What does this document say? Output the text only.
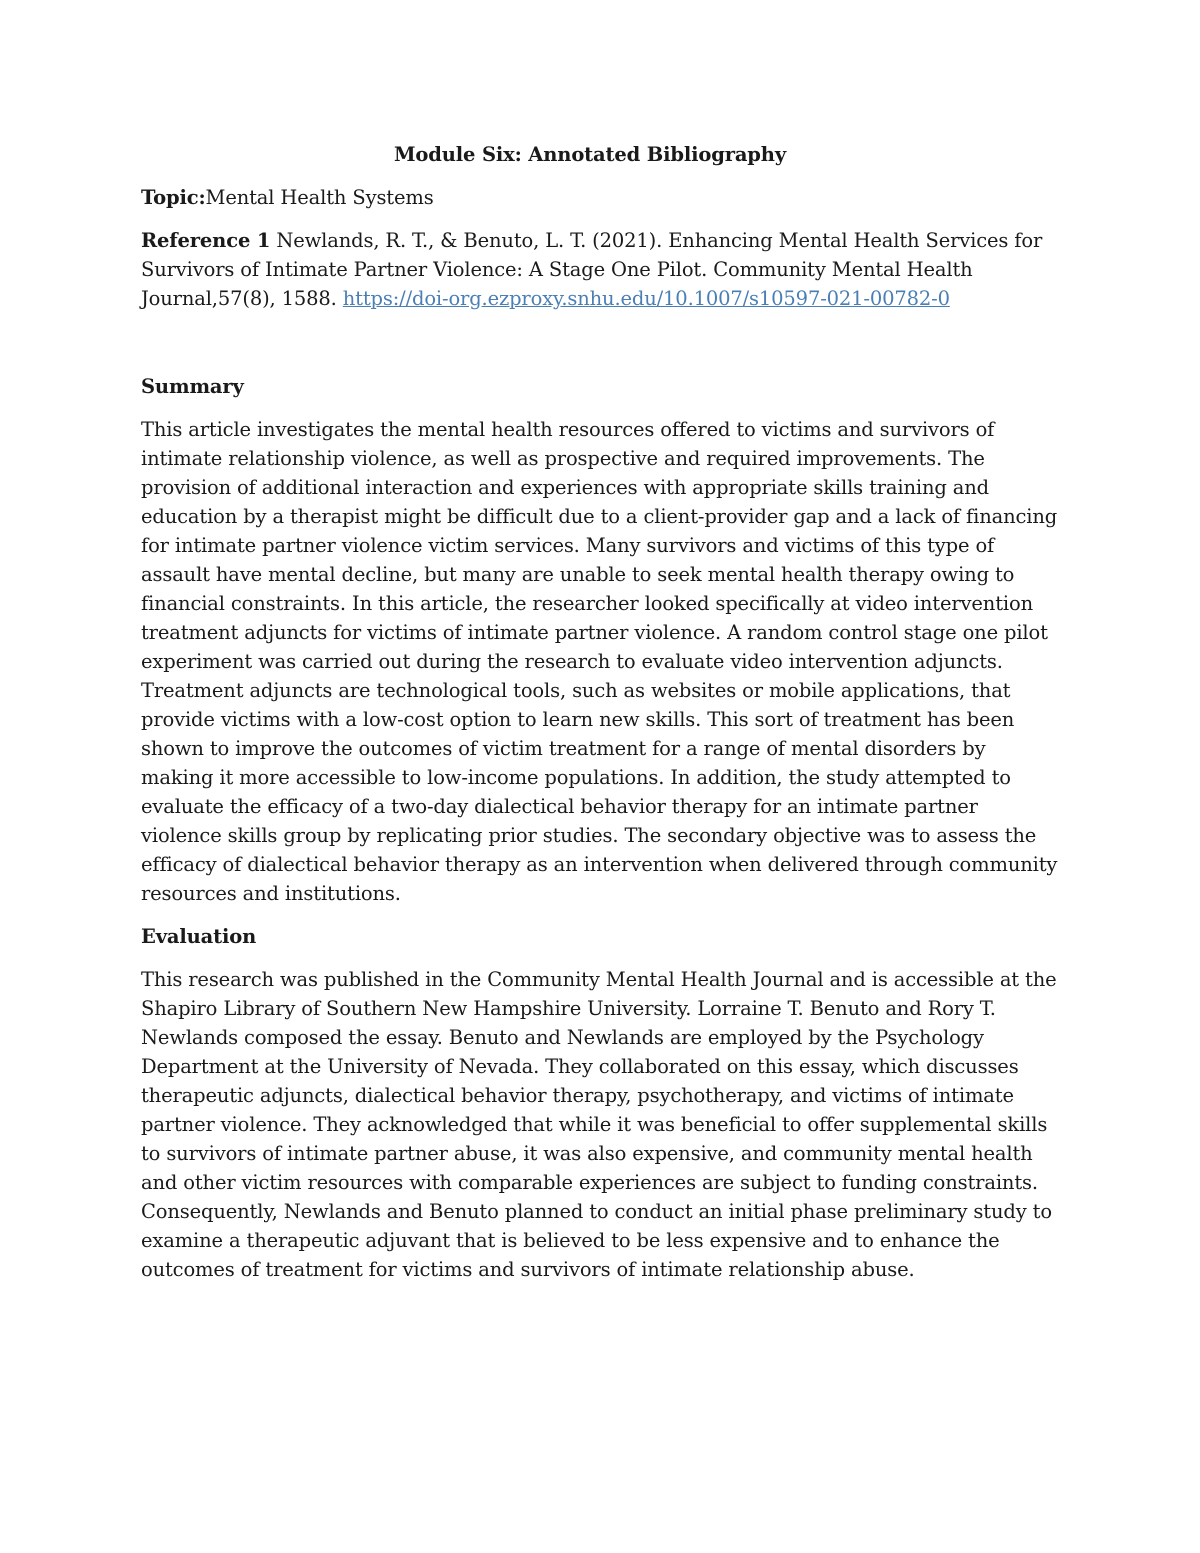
Module Six: Annotated Bibliography

Topic:Mental Health Systems

Reference 1 Newlands, R. T., & Benuto, L. T. (2021). Enhancing Mental Health Services for Survivors of Intimate Partner Violence: A Stage One Pilot. Community Mental Health Journal,57(8), 1588. https://doi-org.ezproxy.snhu.edu/10.1007/s10597-021-00782-0

Summary

This article investigates the mental health resources offered to victims and survivors of intimate relationship violence, as well as prospective and required improvements. The provision of additional interaction and experiences with appropriate skills training and education by a therapist might be difficult due to a client-provider gap and a lack of financing for intimate partner violence victim services. Many survivors and victims of this type of assault have mental decline, but many are unable to seek mental health therapy owing to financial constraints. In this article, the researcher looked specifically at video intervention treatment adjuncts for victims of intimate partner violence. A random control stage one pilot experiment was carried out during the research to evaluate video intervention adjuncts. Treatment adjuncts are technological tools, such as websites or mobile applications, that provide victims with a low-cost option to learn new skills. This sort of treatment has been shown to improve the outcomes of victim treatment for a range of mental disorders by making it more accessible to low-income populations. In addition, the study attempted to evaluate the efficacy of a two-day dialectical behavior therapy for an intimate partner violence skills group by replicating prior studies. The secondary objective was to assess the efficacy of dialectical behavior therapy as an intervention when delivered through community resources and institutions.

Evaluation

This research was published in the Community Mental Health Journal and is accessible at the Shapiro Library of Southern New Hampshire University. Lorraine T. Benuto and Rory T. Newlands composed the essay. Benuto and Newlands are employed by the Psychology Department at the University of Nevada. They collaborated on this essay, which discusses therapeutic adjuncts, dialectical behavior therapy, psychotherapy, and victims of intimate partner violence. They acknowledged that while it was beneficial to offer supplemental skills to survivors of intimate partner abuse, it was also expensive, and community mental health and other victim resources with comparable experiences are subject to funding constraints. Consequently, Newlands and Benuto planned to conduct an initial phase preliminary study to examine a therapeutic adjuvant that is believed to be less expensive and to enhance the outcomes of treatment for victims and survivors of intimate relationship abuse.
